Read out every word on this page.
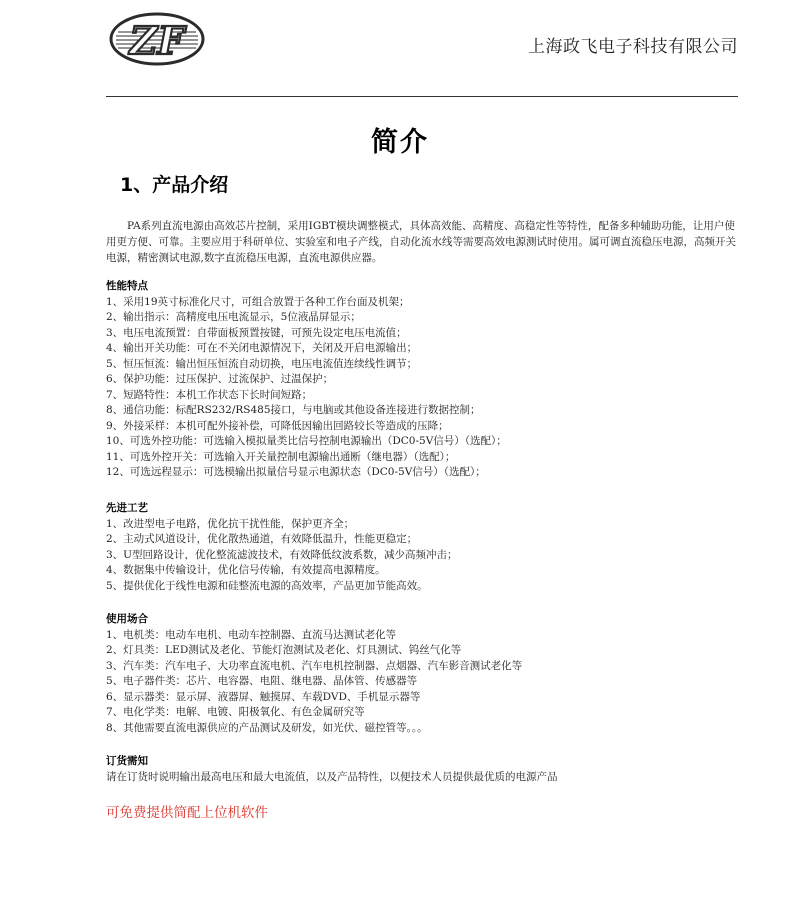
ZF	上海政飞电子科技有限公司
简介
1、产品介绍
PA系列直流电源由高效芯片控制，采用IGBT模块调整模式，具体高效能、高精度、高稳定性等特性，配备多种辅助功能，让用户使用更方便、可靠。主要应用于科研单位、实验室和电子产线，自动化流水线等需要高效电源测试时使用。属可调直流稳压电源，高频开关电源，精密测试电源,数字直流稳压电源，直流电源供应器。
性能特点
1、采用19英寸标准化尺寸，可组合放置于各种工作台面及机架；
2、输出指示：高精度电压电流显示，5位液晶屏显示；
3、电压电流预置：自带面板预置按键，可预先设定电压电流值；
4、输出开关功能：可在不关闭电源情况下，关闭及开启电源输出；
5、恒压恒流：输出恒压恒流自动切换，电压电流值连续线性调节；
6、保护功能：过压保护、过流保护、过温保护；
7、短路特性：本机工作状态下长时间短路；
8、通信功能：标配RS232/RS485接口，与电脑或其他设备连接进行数据控制；
9、外接采样：本机可配外接补偿，可降低因输出回路较长等造成的压降；
10、可选外控功能：可选输入模拟量类比信号控制电源输出（DC0-5V信号）（选配）；
11、可选外控开关：可选输入开关量控制电源输出通断（继电器）（选配）；
12、可选远程显示：可选模输出拟量信号显示电源状态（DC0-5V信号）（选配）；
先进工艺
1、改进型电子电路，优化抗干扰性能，保护更齐全；
2、主动式风道设计，优化散热通道，有效降低温升，性能更稳定；
3、U型回路设计，优化整流滤波技术，有效降低纹波系数，减少高频冲击；
4、数据集中传输设计，优化信号传输，有效提高电源精度。
5、提供优化于线性电源和硅整流电源的高效率，产品更加节能高效。
使用场合
1、电机类：电动车电机、电动车控制器、直流马达测试老化等
2、灯具类：LED测试及老化、节能灯泡测试及老化、灯具测试、钨丝气化等
3、汽车类：汽车电子、大功率直流电机、汽车电机控制器、点烟器、汽车影音测试老化等
5、电子器件类：芯片、电容器、电阻、继电器、晶体管、传感器等
6、显示器类：显示屏、液器屏、触摸屏、车载DVD、手机显示器等
7、电化学类：电解、电镀、阳极氧化、有色金属研究等
8、其他需要直流电源供应的产品测试及研发，如光伏、磁控管等。。。
订货需知

请在订货时说明输出最高电压和最大电流值，以及产品特性，以便技术人员提供最优质的电源产品

可免费提供简配上位机软件
